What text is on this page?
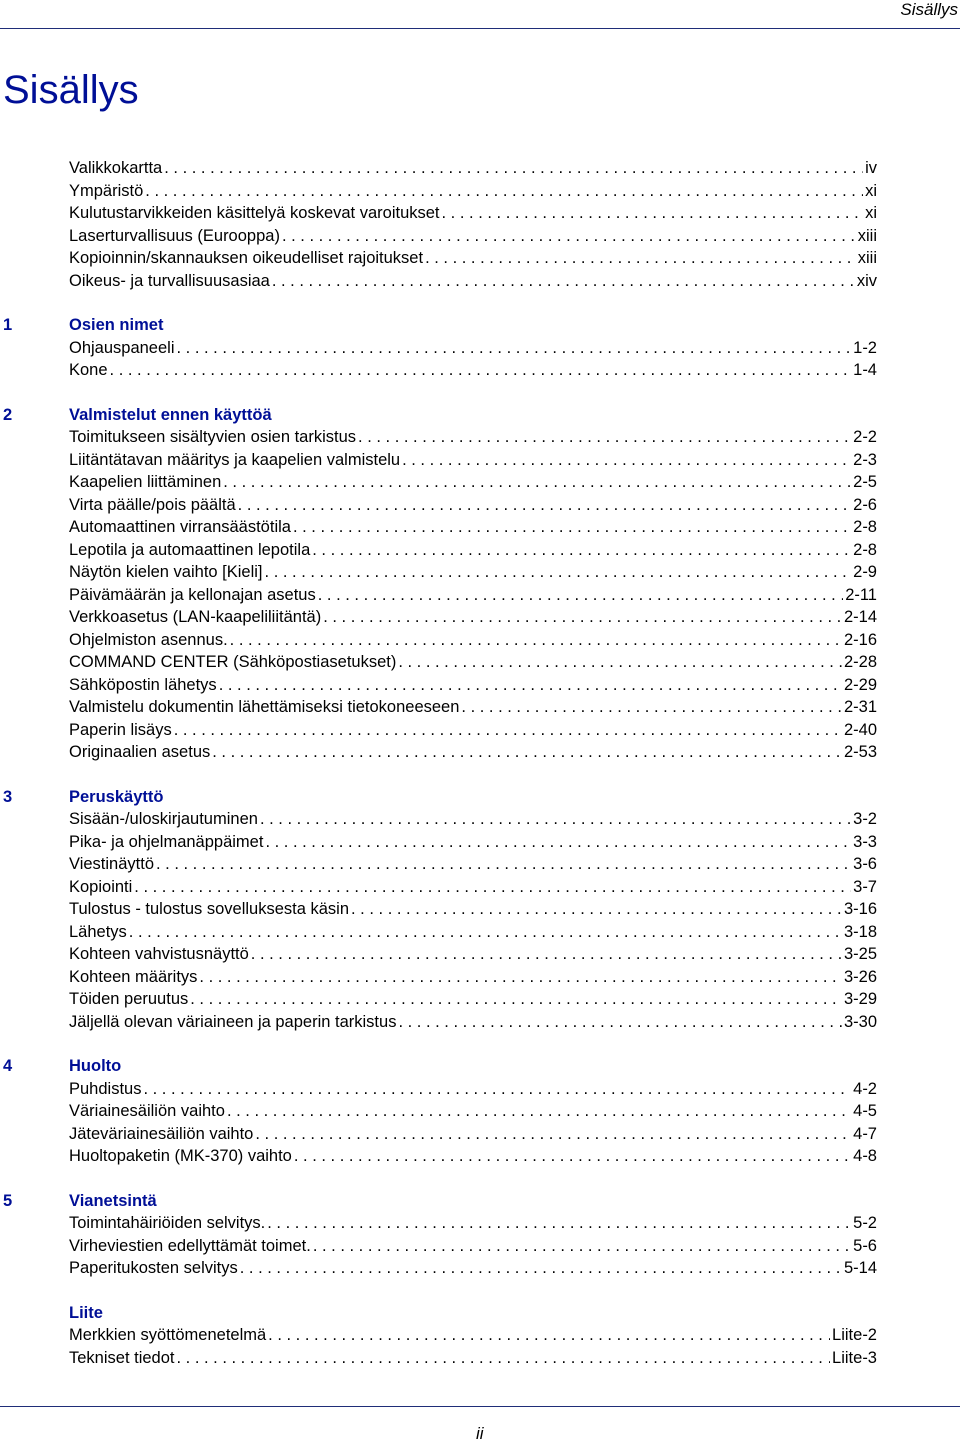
Sisällys
Sisällys
Valikkokartta . . .	iv
Ympäristö . . .	xi
Kulutustarvikkeiden käsittelyä koskevat varoitukset . . .	xi
Laserturvallisuus (Eurooppa) . . .	xiii
Kopioinnin/skannauksen oikeudelliset rajoitukset . . .	xiii
Oikeus- ja turvallisuusasiaa . . .	xiv
1	Osien nimet
Ohjauspaneeli . . .	1-2
Kone . . .	1-4
2	Valmistelut ennen käyttöä
Toimitukseen sisältyvien osien tarkistus . . .	2-2
Liitäntätavan määritys ja kaapelien valmistelu . . .	2-3
Kaapelien liittäminen . . .	2-5
Virta päälle/pois päältä . . .	2-6
Automaattinen virransäästötila . . .	2-8
Lepotila ja automaattinen lepotila . . .	2-8
Näytön kielen vaihto [Kieli] . . .	2-9
Päivämäärän ja kellonajan asetus . . .	2-11
Verkkoasetus (LAN-kaapeliliitäntä) . . .	2-14
Ohjelmiston asennus. . . .	2-16
COMMAND CENTER (Sähköpostiasetukset) . . .	2-28
Sähköpostin lähetys . . .	2-29
Valmistelu dokumentin lähettämiseksi tietokoneeseen . . .	2-31
Paperin lisäys . . .	2-40
Originaalien asetus . . .	2-53
3	Peruskäyttö
Sisään-/uloskirjautuminen . . .	3-2
Pika- ja ohjelmanäppäimet . . .	3-3
Viestinäyttö . . .	3-6
Kopiointi . . .	3-7
Tulostus - tulostus sovelluksesta käsin . . .	3-16
Lähetys . . .	3-18
Kohteen vahvistusnäyttö . . .	3-25
Kohteen määritys . . .	3-26
Töiden peruutus . . .	3-29
Jäljellä olevan väriaineen ja paperin tarkistus . . .	3-30
4	Huolto
Puhdistus . . .	4-2
Väriainesäiliön vaihto . . .	4-5
Jäteväriainesäiliön vaihto . . .	4-7
Huoltopaketin (MK-370) vaihto . . .	4-8
5	Vianetsintä
Toimintahäiriöiden selvitys. . . .	5-2
Virheviestien edellyttämät toimet. . . .	5-6
Paperitukosten selvitys . . .	5-14
Liite
Merkkien syöttömenetelmä . . .	Liite-2
Tekniset tiedot . . .	Liite-3
ii
